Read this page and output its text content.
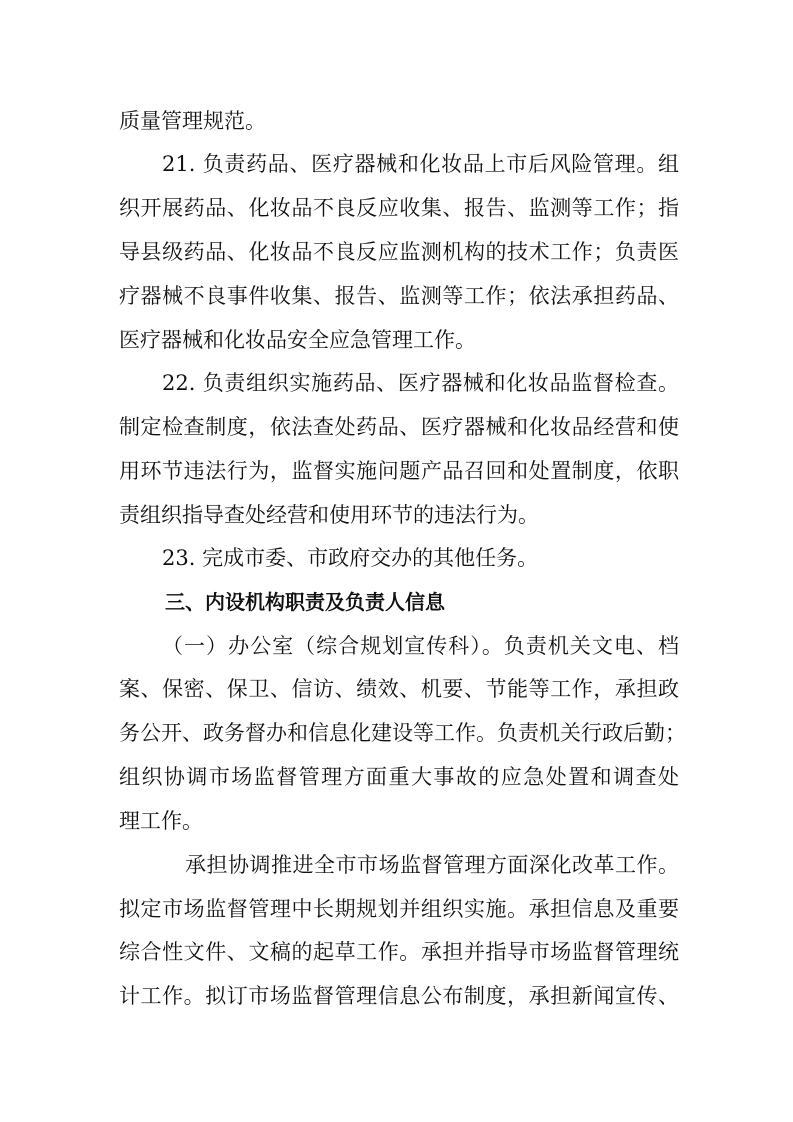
质量管理规范。
21. 负责药品、医疗器械和化妆品上市后风险管理。组
织开展药品、化妆品不良反应收集、报告、监测等工作；指
导县级药品、化妆品不良反应监测机构的技术工作；负责医
疗器械不良事件收集、报告、监测等工作；依法承担药品、
医疗器械和化妆品安全应急管理工作。
22. 负责组织实施药品、医疗器械和化妆品监督检查。
制定检查制度，依法查处药品、医疗器械和化妆品经营和使
用环节违法行为，监督实施问题产品召回和处置制度，依职
责组织指导查处经营和使用环节的违法行为。
23. 完成市委、市政府交办的其他任务。
三、内设机构职责及负责人信息
（一）办公室（综合规划宣传科）。负责机关文电、档
案、保密、保卫、信访、绩效、机要、节能等工作，承担政
务公开、政务督办和信息化建设等工作。负责机关行政后勤；
组织协调市场监督管理方面重大事故的应急处置和调查处
理工作。
承担协调推进全市市场监督管理方面深化改革工作。
拟定市场监督管理中长期规划并组织实施。承担信息及重要
综合性文件、文稿的起草工作。承担并指导市场监督管理统
计工作。拟订市场监督管理信息公布制度，承担新闻宣传、
